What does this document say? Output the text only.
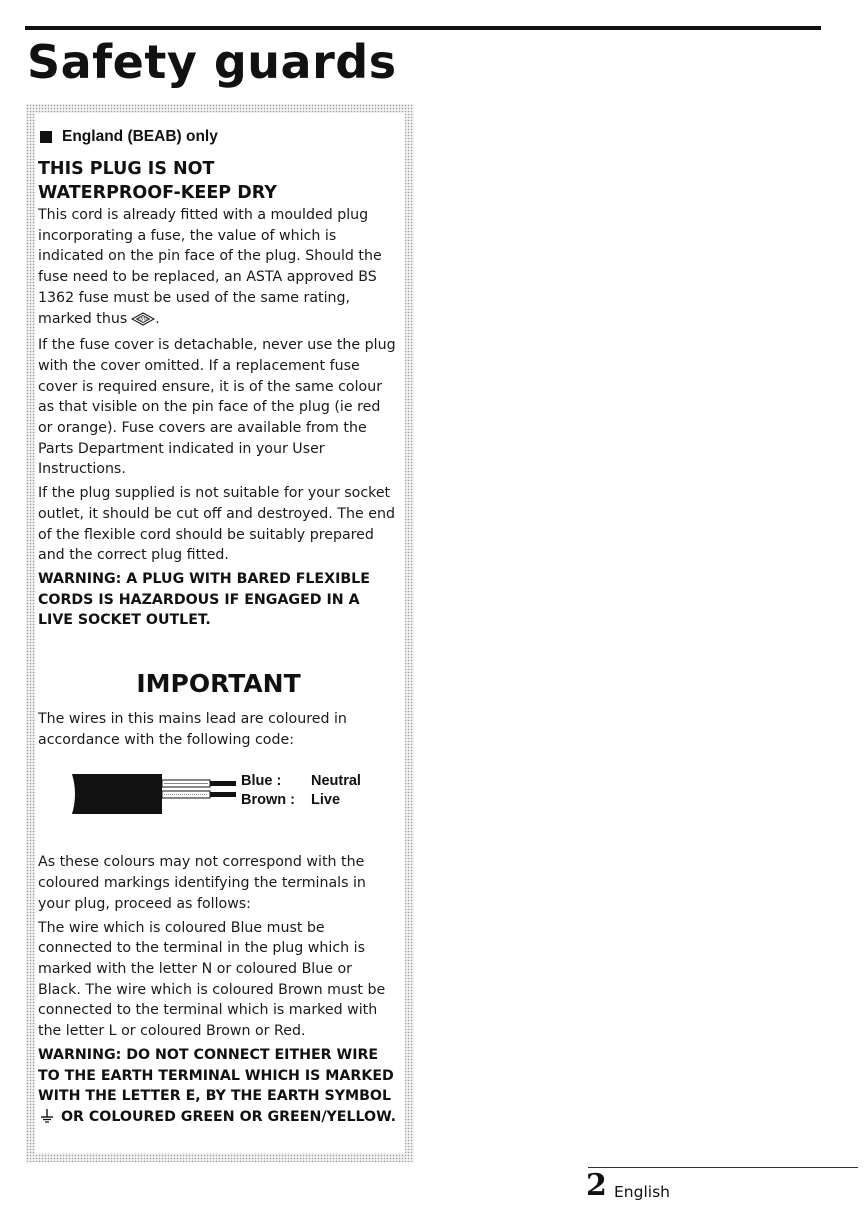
Safety guards
England (BEAB) only

THIS PLUG IS NOT
WATERPROOF-KEEP DRY

This cord is already fitted with a moulded plug incorporating a fuse, the value of which is indicated on the pin face of the plug. Should the fuse need to be replaced, an ASTA approved BS 1362 fuse must be used of the same rating, marked thus	ASTA .

If the fuse cover is detachable, never use the plug with the cover omitted. If a replacement fuse cover is required ensure, it is of the same colour as that visible on the pin face of the plug (ie red or orange). Fuse covers are available from the Parts Department indicated in your User Instructions.

If the plug supplied is not suitable for your socket outlet, it should be cut off and destroyed. The end of the flexible cord should be suitably prepared and the correct plug fitted.

WARNING: A PLUG WITH BARED FLEXIBLE CORDS IS HAZARDOUS IF ENGAGED IN A LIVE SOCKET OUTLET.

IMPORTANT

The wires in this mains lead are coloured in accordance with the following code:

Blue :	Neutral
Brown :	Live

As these colours may not correspond with the coloured markings identifying the terminals in your plug, proceed as follows:

The wire which is coloured Blue must be connected to the terminal in the plug which is marked with the letter N or coloured Blue or Black. The wire which is coloured Brown must be connected to the terminal which is marked with the letter L or coloured Brown or Red.

WARNING: DO NOT CONNECT EITHER WIRE TO THE EARTH TERMINAL WHICH IS MARKED WITH THE LETTER E, BY THE EARTH SYMBOL  OR COLOURED GREEN OR GREEN/YELLOW.

2 English
